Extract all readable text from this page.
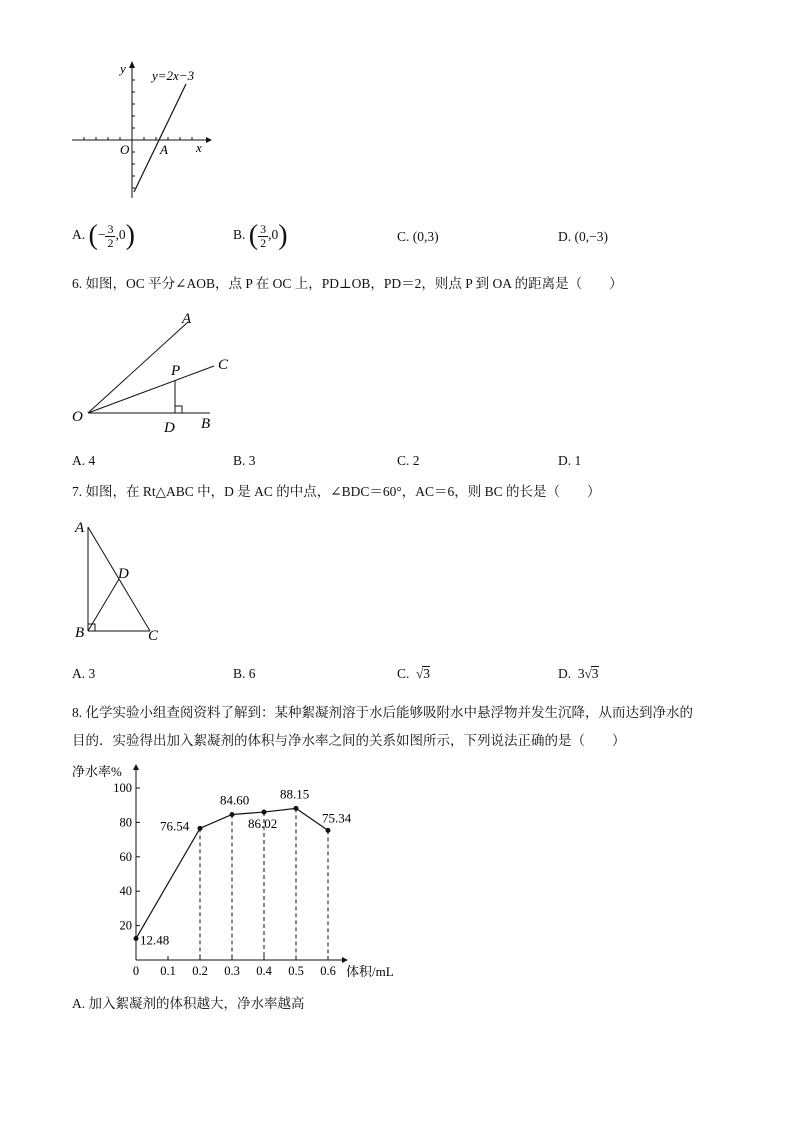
y
x
O A
y=2x−3
A. (− $\frac{3}{2} ,0$)	B. ( $\frac{3}{2} ,0$)	C. (0,3)	D. (0,−3)
6. 如图，OC 平分∠AOB，点 P 在 OC 上，PD⊥OB，PD＝2，则点 P 到 OA 的距离是（　　）
A
C
P
O
D B
A. 4	B. 3	C. 2	D. 1
7. 如图，在 Rt△ABC 中，D 是 AC 的中点，∠BDC＝60°，AC＝6，则 BC 的长是（　　）
A
D
B	C
A. 3	B. 6	C. √3	D. 3√3
8. 化学实验小组查阅资料了解到：某种絮凝剂溶于水后能够吸附水中悬浮物并发生沉降，从而达到净水的
目的．实验得出加入絮凝剂的体积与净水率之间的关系如图所示，下列说法正确的是（　　）
净水率%
体积/mL
20
40
60
80
100
0 0.1 0.2 0.3 0.4 0.5 0.6
12.48
76.54
84.60
86.02
88.15
75.34
A. 加入絮凝剂的体积越大，净水率越高
